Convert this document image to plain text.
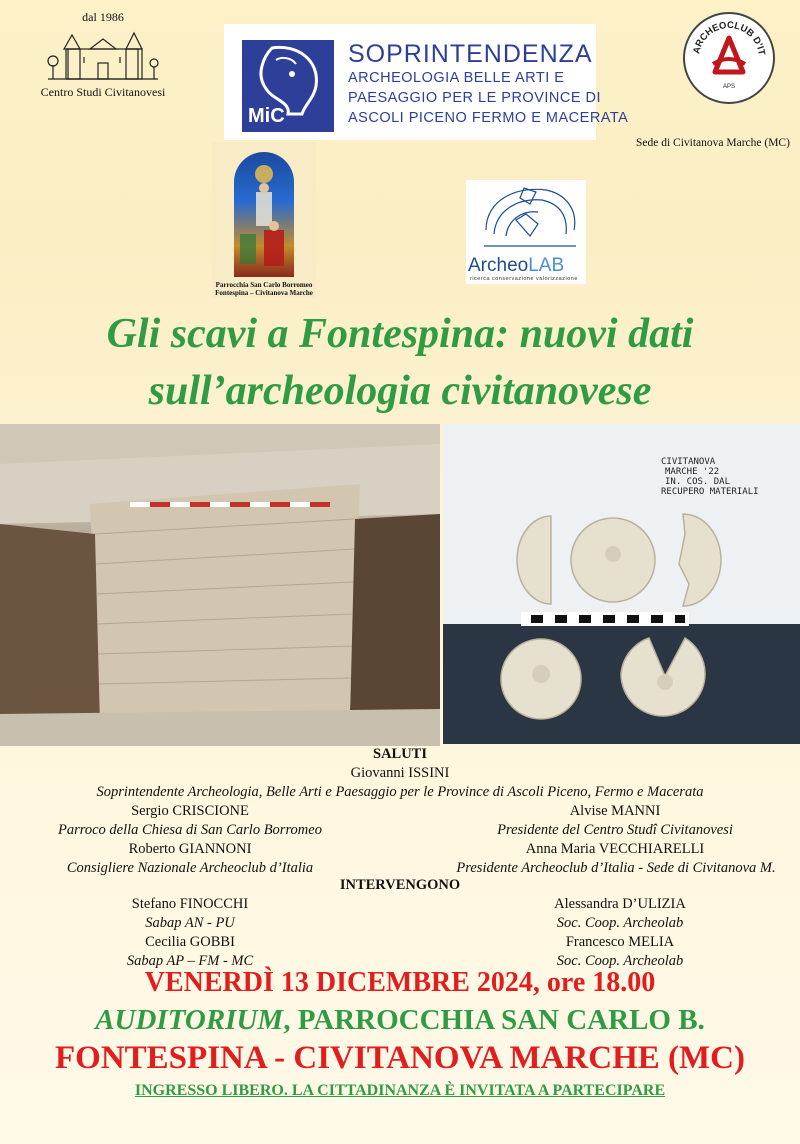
dal 1986
Centro Studi Civitanovesi
MiC
SOPRINTENDENZA
ARCHEOLOGIA BELLE ARTI E
PAESAGGIO PER LE PROVINCE DI
ASCOLI PICENO FERMO E MACERATA
ARCHEOCLUB D'IT
APS
Sede di Civitanova Marche (MC)
Parrocchia San Carlo Borromeo
Fontespina – Civitanova Marche
ArcheoLAB
ricerca conservazione valorizzazione
Gli scavi a Fontespina: nuovi dati
sull’archeologia civitanovese
CIVITANOVA
MARCHE '22
IN. COS. DAL
RECUPERO MATERIALI
SALUTI
Giovanni ISSINI
Soprintendente Archeologia, Belle Arti e Paesaggio per le Province di Ascoli Piceno, Fermo e Macerata
Sergio CRISCIONE
Parroco della Chiesa di San Carlo Borromeo
Roberto GIANNONI
Consigliere Nazionale Archeoclub d’Italia
Alvise MANNI
Presidente del Centro Studî Civitanovesi
Anna Maria VECCHIARELLI
Presidente Archeoclub d’Italia - Sede di Civitanova M.
INTERVENGONO
Stefano FINOCCHI
Sabap AN - PU
Cecilia GOBBI
Sabap AP – FM - MC
Alessandra D’ULIZIA
Soc. Coop. Archeolab
Francesco MELIA
Soc. Coop. Archeolab
VENERDÌ 13 DICEMBRE 2024, ore 18.00
AUDITORIUM, PARROCCHIA SAN CARLO B.
FONTESPINA - CIVITANOVA MARCHE (MC)
INGRESSO LIBERO. LA CITTADINANZA È INVITATA A PARTECIPARE
